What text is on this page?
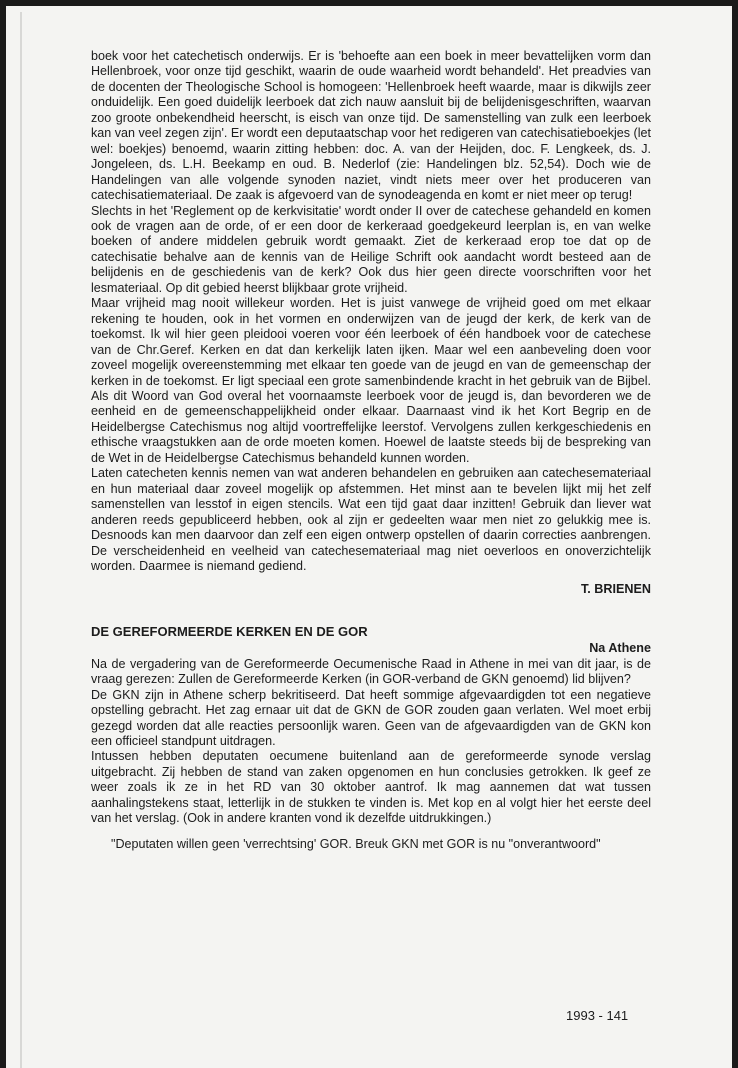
boek voor het catechetisch onderwijs. Er is 'behoefte aan een boek in meer bevattelijken vorm dan Hellenbroek, voor onze tijd geschikt, waarin de oude waarheid wordt behandeld'. Het preadvies van de docenten der Theologische School is homogeen: 'Hellenbroek heeft waarde, maar is dikwijls zeer onduidelijk. Een goed duidelijk leerboek dat zich nauw aansluit bij de belijdenisgeschriften, waarvan zoo groote onbekendheid heerscht, is eisch van onze tijd. De samenstelling van zulk een leerboek kan van veel zegen zijn'. Er wordt een deputaatschap voor het redigeren van catechisatieboekjes (let wel: boekjes) benoemd, waarin zitting hebben: doc. A. van der Heijden, doc. F. Lengkeek, ds. J. Jongeleen, ds. L.H. Beekamp en oud. B. Nederlof (zie: Handelingen blz. 52,54). Doch wie de Handelingen van alle volgende synoden naziet, vindt niets meer over het produceren van catechisatiemateriaal. De zaak is afgevoerd van de synodeagenda en komt er niet meer op terug!

Slechts in het 'Reglement op de kerkvisitatie' wordt onder II over de catechese gehandeld en komen ook de vragen aan de orde, of er een door de kerkeraad goedgekeurd leerplan is, en van welke boeken of andere middelen gebruik wordt gemaakt. Ziet de kerkeraad erop toe dat op de catechisatie behalve aan de kennis van de Heilige Schrift ook aandacht wordt besteed aan de belijdenis en de geschiedenis van de kerk? Ook dus hier geen directe voorschriften voor het lesmateriaal. Op dit gebied heerst blijkbaar grote vrijheid.

Maar vrijheid mag nooit willekeur worden. Het is juist vanwege de vrijheid goed om met elkaar rekening te houden, ook in het vormen en onderwijzen van de jeugd der kerk, de kerk van de toekomst. Ik wil hier geen pleidooi voeren voor één leerboek of één handboek voor de catechese van de Chr.Geref. Kerken en dat dan kerkelijk laten ijken. Maar wel een aanbeveling doen voor zoveel mogelijk overeenstemming met elkaar ten goede van de jeugd en van de gemeenschap der kerken in de toekomst. Er ligt speciaal een grote samenbindende kracht in het gebruik van de Bijbel. Als dit Woord van God overal het voornaamste leerboek voor de jeugd is, dan bevorderen we de eenheid en de gemeenschappelijkheid onder elkaar. Daarnaast vind ik het Kort Begrip en de Heidelbergse Catechismus nog altijd voortreffelijke leerstof. Vervolgens zullen kerkgeschiedenis en ethische vraagstukken aan de orde moeten komen. Hoewel de laatste steeds bij de bespreking van de Wet in de Heidelbergse Catechismus behandeld kunnen worden.

Laten catecheten kennis nemen van wat anderen behandelen en gebruiken aan catechesemateriaal en hun materiaal daar zoveel mogelijk op afstemmen. Het minst aan te bevelen lijkt mij het zelf samenstellen van lesstof in eigen stencils. Wat een tijd gaat daar inzitten! Gebruik dan liever wat anderen reeds gepubliceerd hebben, ook al zijn er gedeelten waar men niet zo gelukkig mee is. Desnoods kan men daarvoor dan zelf een eigen ontwerp opstellen of daarin correcties aanbrengen. De verscheidenheid en veelheid van catechesemateriaal mag niet oeverloos en onoverzichtelijk worden. Daarmee is niemand gediend.

T. BRIENEN
DE GEREFORMEERDE KERKEN EN DE GOR
Na Athene

Na de vergadering van de Gereformeerde Oecumenische Raad in Athene in mei van dit jaar, is de vraag gerezen: Zullen de Gereformeerde Kerken (in GOR-verband de GKN genoemd) lid blijven?

De GKN zijn in Athene scherp bekritiseerd. Dat heeft sommige afgevaardigden tot een negatieve opstelling gebracht. Het zag ernaar uit dat de GKN de GOR zouden gaan verlaten. Wel moet erbij gezegd worden dat alle reacties persoonlijk waren. Geen van de afgevaardigden van de GKN kon een officieel standpunt uitdragen.

Intussen hebben deputaten oecumene buitenland aan de gereformeerde synode verslag uitgebracht. Zij hebben de stand van zaken opgenomen en hun conclusies getrokken. Ik geef ze weer zoals ik ze in het RD van 30 oktober aantrof. Ik mag aannemen dat wat tussen aanhalingstekens staat, letterlijk in de stukken te vinden is. Met kop en al volgt hier het eerste deel van het verslag. (Ook in andere kranten vond ik dezelfde uitdrukkingen.)

"Deputaten willen geen 'verrechtsing' GOR. Breuk GKN met GOR is nu "onverantwoord"

1993 - 141
